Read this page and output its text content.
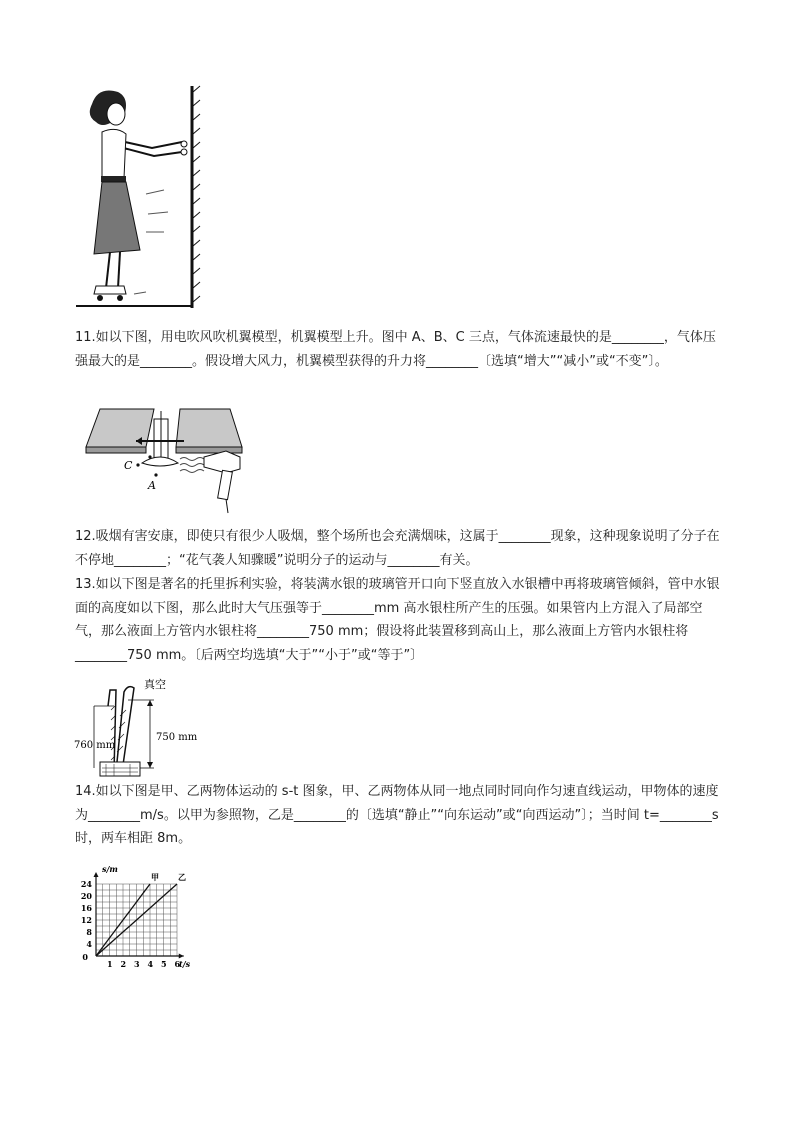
11.如以下图，用电吹风吹机翼模型，机翼模型上升。图中 A、B、C 三点，气体流速最快的是________，气体压强最大的是________。假设增大风力，机翼模型获得的升力将________〔选填“增大”“减小”或“不变”〕。
C
A
12.吸烟有害安康，即使只有很少人吸烟，整个场所也会充满烟味，这属于________现象，这种现象说明了分子在不停地________；“花气袭人知骤暖”说明分子的运动与________有关。
13.如以下图是著名的托里拆利实验，将装满水银的玻璃管开口向下竖直放入水银槽中再将玻璃管倾斜，管中水银面的高度如以下图，那么此时大气压强等于________mm 高水银柱所产生的压强。如果管内上方混入了局部空气，那么液面上方管内水银柱将________750 mm；假设将此装置移到高山上，那么液面上方管内水银柱将________750 mm。〔后两空均选填“大于”“小于”或“等于”〕
真空
760 mm
750 mm
14.如以下图是甲、乙两物体运动的 s-t 图象，甲、乙两物体从同一地点同时同向作匀速直线运动，甲物体的速度为________m/s。以甲为参照物，乙是________的〔选填“静止”“向东运动”或“向西运动”〕；当时间 t=________s 时，两车相距 8m。
1 2 3 4 5 6
4
8
12
16
20
24
0
t/s
s/m
甲 乙
